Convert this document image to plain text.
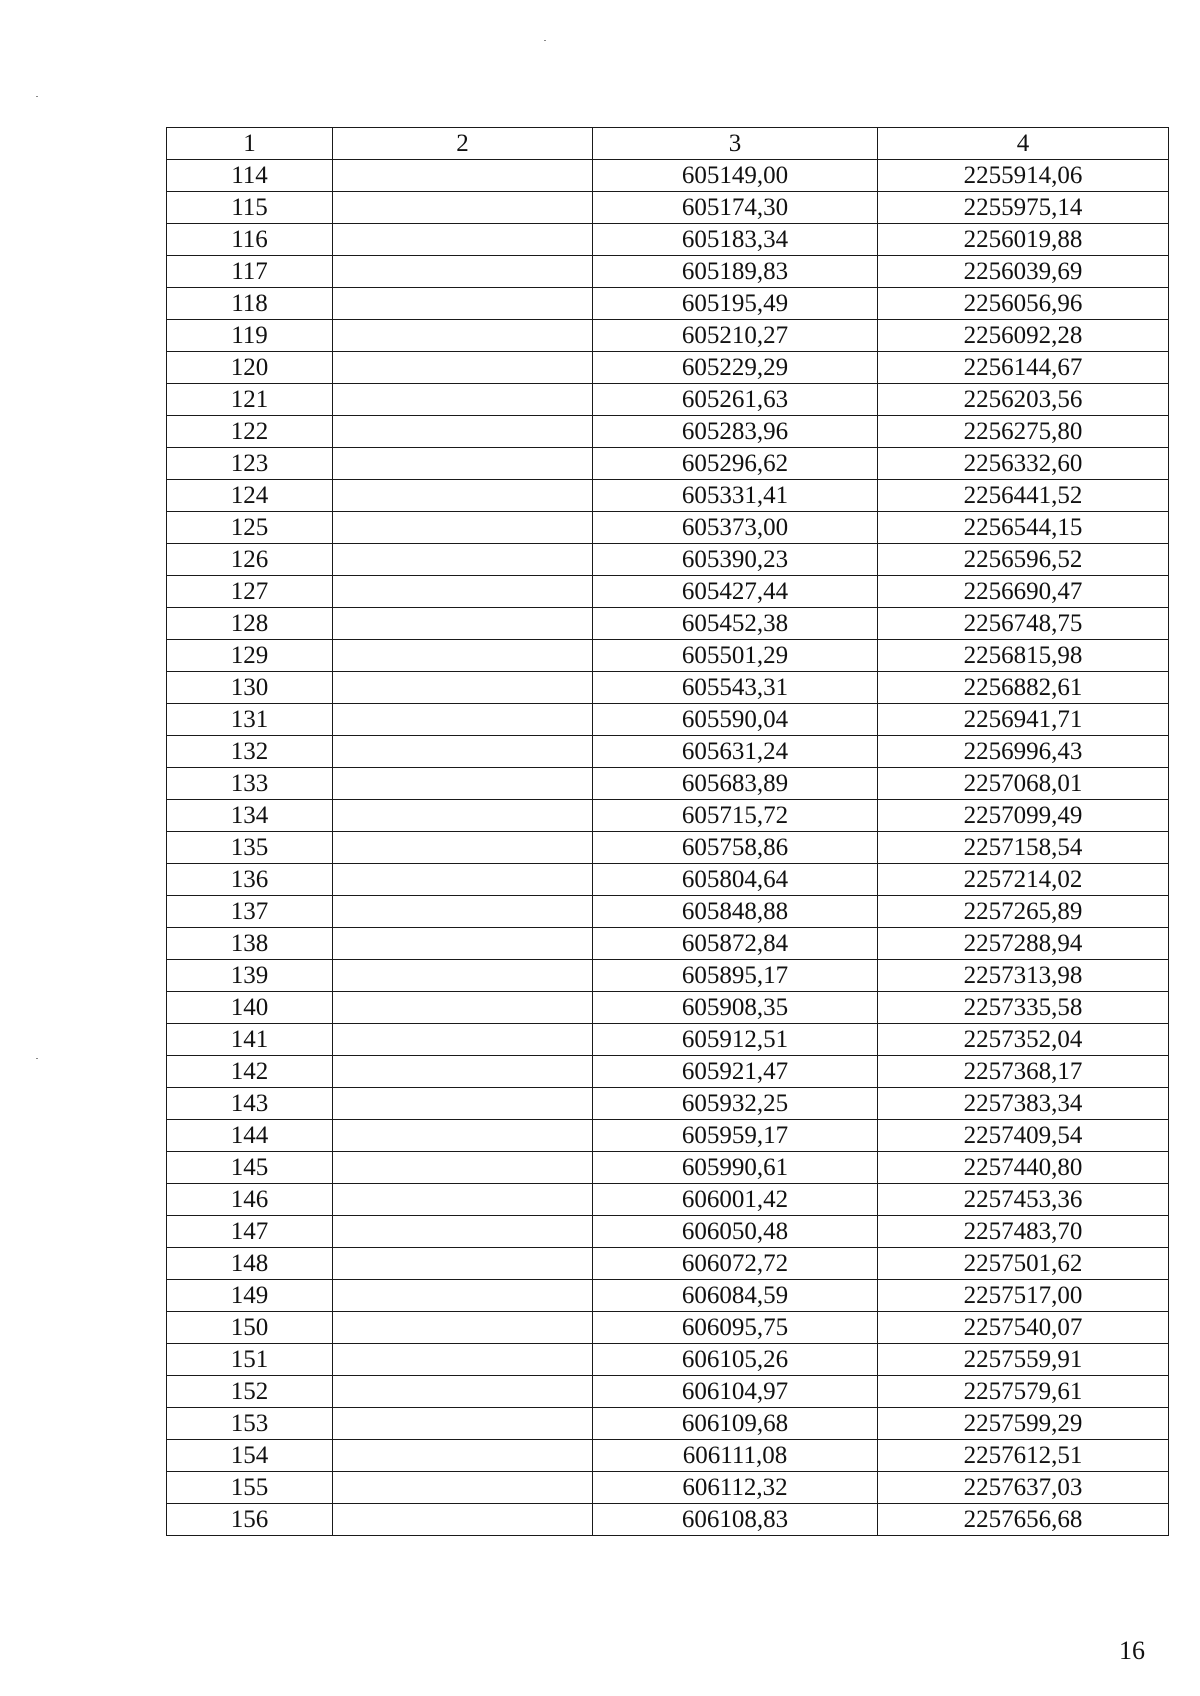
1	2	3	4
114		605149,00	2255914,06
115		605174,30	2255975,14
116		605183,34	2256019,88
117		605189,83	2256039,69
118		605195,49	2256056,96
119		605210,27	2256092,28
120		605229,29	2256144,67
121		605261,63	2256203,56
122		605283,96	2256275,80
123		605296,62	2256332,60
124		605331,41	2256441,52
125		605373,00	2256544,15
126		605390,23	2256596,52
127		605427,44	2256690,47
128		605452,38	2256748,75
129		605501,29	2256815,98
130		605543,31	2256882,61
131		605590,04	2256941,71
132		605631,24	2256996,43
133		605683,89	2257068,01
134		605715,72	2257099,49
135		605758,86	2257158,54
136		605804,64	2257214,02
137		605848,88	2257265,89
138		605872,84	2257288,94
139		605895,17	2257313,98
140		605908,35	2257335,58
141		605912,51	2257352,04
142		605921,47	2257368,17
143		605932,25	2257383,34
144		605959,17	2257409,54
145		605990,61	2257440,80
146		606001,42	2257453,36
147		606050,48	2257483,70
148		606072,72	2257501,62
149		606084,59	2257517,00
150		606095,75	2257540,07
151		606105,26	2257559,91
152		606104,97	2257579,61
153		606109,68	2257599,29
154		606111,08	2257612,51
155		606112,32	2257637,03
156		606108,83	2257656,68
16
